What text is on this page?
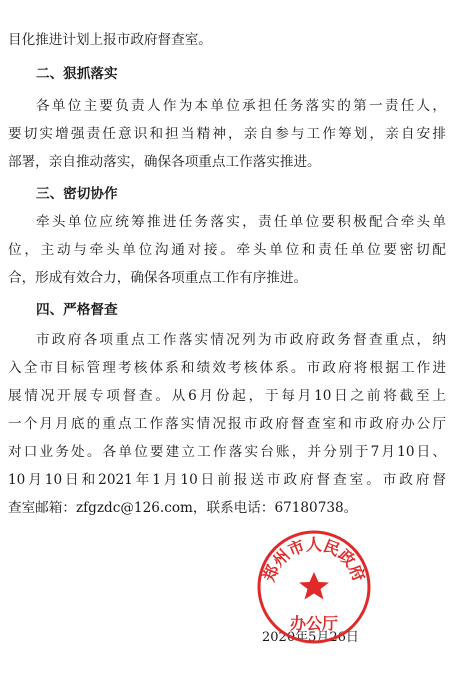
目化推进计划上报市政府督查室。
二、狠抓落实
各单位主要负责人作为本单位承担任务落实的第一责任人，
要切实增强责任意识和担当精神，亲自参与工作筹划，亲自安排
部署，亲自推动落实，确保各项重点工作落实推进。
三、密切协作
牵头单位应统筹推进任务落实，责任单位要积极配合牵头单
位，主动与牵头单位沟通对接。牵头单位和责任单位要密切配
合，形成有效合力，确保各项重点工作有序推进。
四、严格督查
市政府各项重点工作落实情况列为市政府政务督查重点，纳
入全市目标管理考核体系和绩效考核体系。市政府将根据工作进
展情况开展专项督查。从6月份起，于每月10日之前将截至上
一个月月底的重点工作落实情况报市政府督查室和市政府办公厅
对口业务处。各单位要建立工作落实台账，并分别于7月10日、
10月10日和2021年1月10日前报送市政府督查室。市政府督
查室邮箱：zfgzdc@126.com，联系电话：67180738。
2020年5月26日
郑州市人民政府
办公厅
